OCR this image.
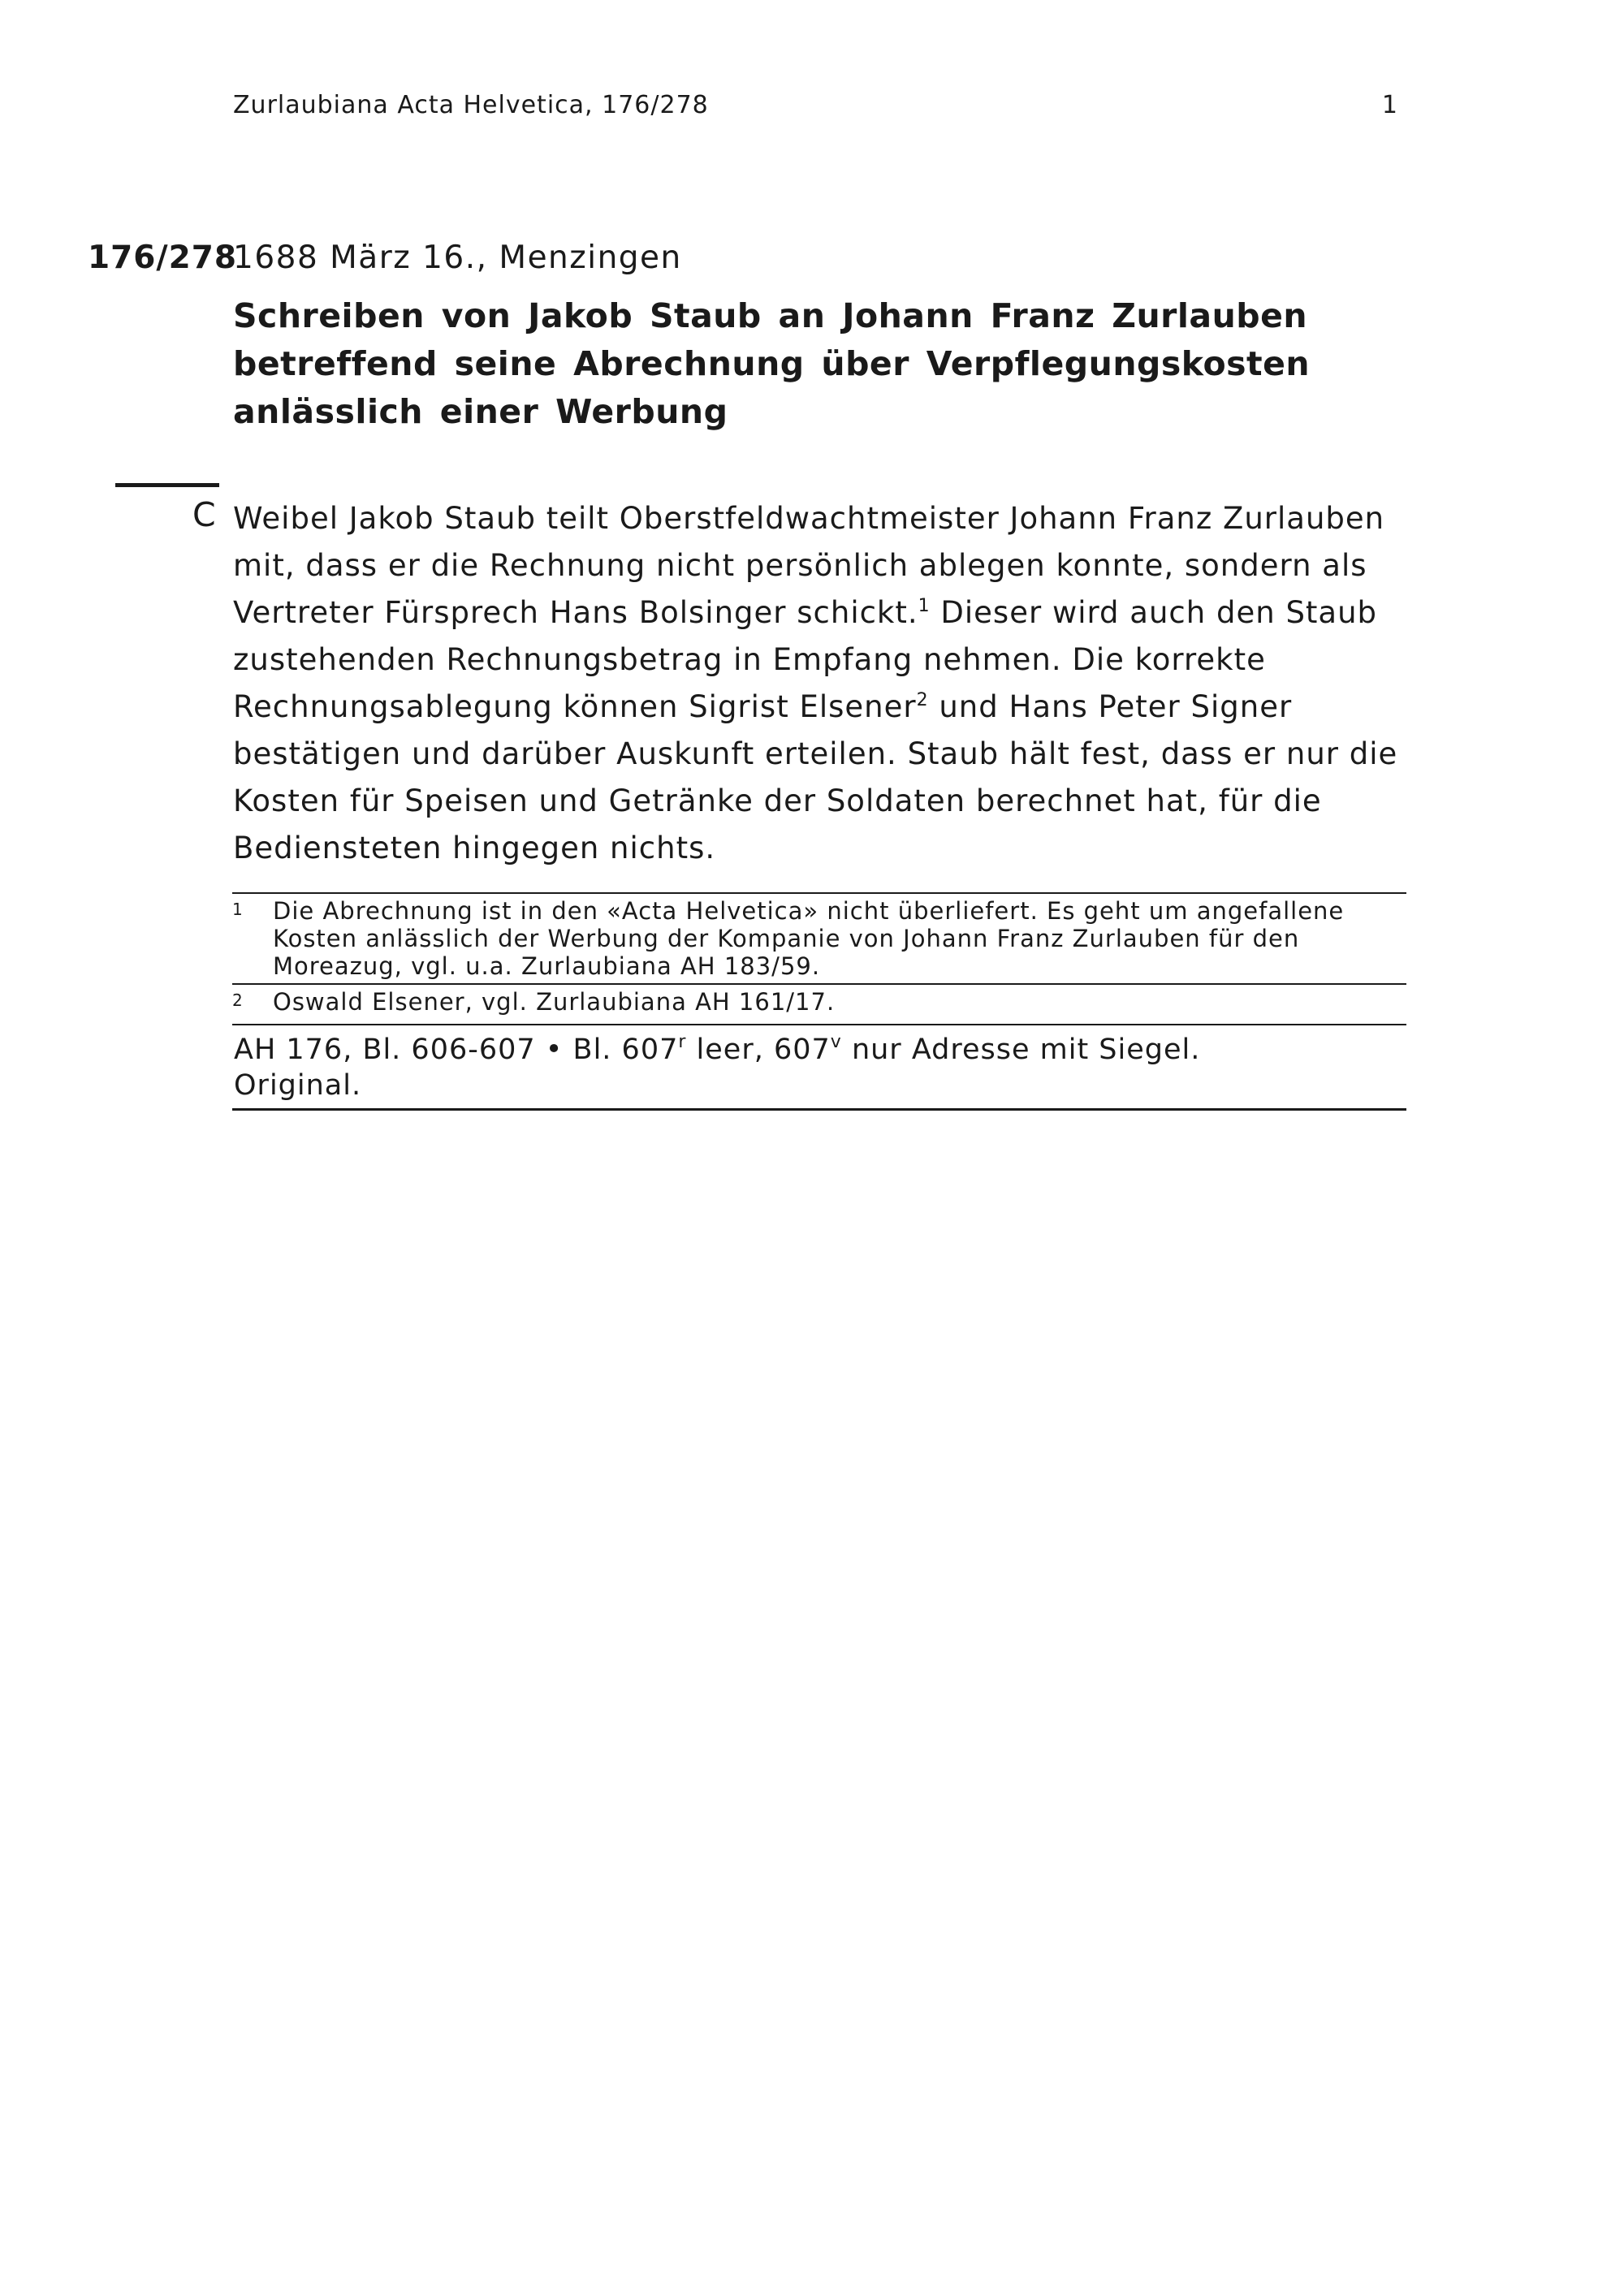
Zurlaubiana Acta Helvetica, 176/278	1
176/278
1688 März 16., Menzingen
Schreiben von Jakob Staub an Johann Franz Zurlauben betreffend seine Abrechnung über Verpflegungskosten anlässlich einer Werbung
C Weibel Jakob Staub teilt Oberstfeldwachtmeister Johann Franz Zurlauben mit, dass er die Rechnung nicht persönlich ablegen konnte, sondern als Vertreter Fürsprech Hans Bolsinger schickt.$^1$ Dieser wird auch den Staub zustehenden Rechnungsbetrag in Empfang nehmen. Die korrekte Rechnungsablegung können Sigrist Elsener$^2$ und Hans Peter Signer bestätigen und darüber Auskunft erteilen. Staub hält fest, dass er nur die Kosten für Speisen und Getränke der Soldaten berechnet hat, für die Bediensteten hingegen nichts.
1 Die Abrechnung ist in den «Acta Helvetica» nicht überliefert. Es geht um angefallene Kosten anlässlich der Werbung der Kompanie von Johann Franz Zurlauben für den Moreazug, vgl. u.a. Zurlaubiana AH 183/59.
2 Oswald Elsener, vgl. Zurlaubiana AH 161/17.
AH 176, Bl. 606-607 • Bl. 607$^r$ leer, 607$^v$ nur Adresse mit Siegel.
Original.
